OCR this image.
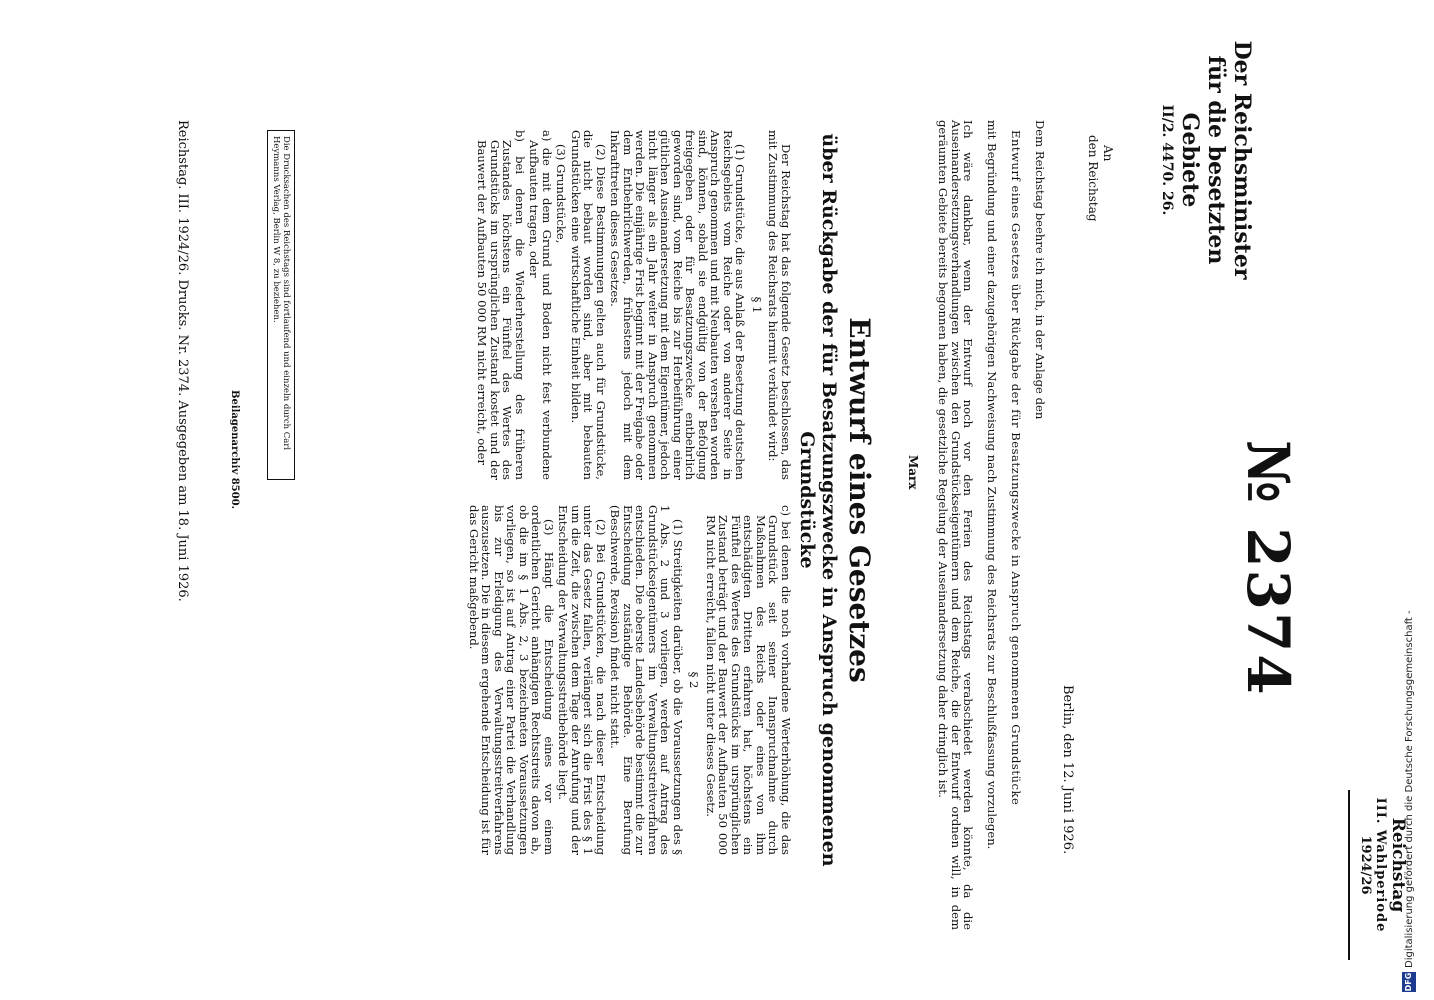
Der Reichsminister für die besetzten Gebiete
II/2. 4470. 26.
№ 2374
Reichstag
III. Wahlperiode
1924/26
An
den Reichstag
Berlin, den 12. Juni 1926.

Dem Reichstag beehre ich mich, in der Anlage den

Entwurf eines Gesetzes über Rückgabe der für Besatzungszwecke in Anspruch genommenen Grundstücke

mit Begründung und einer dazugehörigen Nachweisung nach Zustimmung des Reichsrats zur Beschlußfassung vorzulegen.

Ich wäre dankbar, wenn der Entwurf noch vor den Ferien des Reichstags verabschiedet werden könnte, da die Auseinandersetzungsverhandlungen zwischen den Grundstückseigentümern und dem Reiche, die der Entwurf ordnen will, in dem geräumten Gebiete bereits begonnen haben, die gesetzliche Regelung der Auseinandersetzung daher dringlich ist.

Marx
Entwurf eines Gesetzes
über Rückgabe der für Besatzungszwecke in Anspruch genommenen
Grundstücke

Der Reichstag hat das folgende Gesetz beschlossen, das mit Zustimmung des Reichsrats hiermit verkündet wird:

§ 1

(1) Grundstücke, die aus Anlaß der Besetzung deutschen Reichsgebiets vom Reiche oder von anderer Seite in Anspruch genommen und mit Neubauten versehen worden sind, können, sobald sie endgültig von der Befolgung freigegeben oder für Besatzungszwecke entbehrlich geworden sind, vom Reiche bis zur Herbeiführung einer gütlichen Auseinandersetzung mit dem Eigentümer, jedoch nicht länger als ein Jahr weiter in Anspruch genommen werden. Die einjährige Frist beginnt mit der Freigabe oder dem Entbehrlichwerden, frühestens jedoch mit dem Inkrafttreten dieses Gesetzes.

(2) Diese Bestimmungen gelten auch für Grundstücke, die nicht bebaut worden sind, aber mit bebauten Grundstücken eine wirtschaftliche Einheit bilden.

(3) Grundstücke,

a) die mit dem Grund und Boden nicht fest verbundene Aufbauten tragen, oder

b) bei denen die Wiederherstellung des früheren Zustandes höchstens ein Fünftel des Wertes des Grundstücks im ursprünglichen Zustand kostet und der Bauwert der Aufbauten 50 000 RM nicht erreicht, oder

c) bei denen die noch vorhandene Werterhöhung, die das Grundstück seit seiner Inanspruchnahme durch Maßnahmen des Reichs oder eines von ihm entschädigten Dritten erfahren hat, höchstens ein Fünftel des Wertes des Grundstücks im ursprünglichen Zustand beträgt und der Bauwert der Aufbauten 50 000 RM nicht erreicht, fallen nicht unter dieses Gesetz.

§ 2

(1) Streitigkeiten darüber, ob die Voraussetzungen des § 1 Abs. 2 und 3 vorliegen, werden auf Antrag des Grundstückseigentümers im Verwaltungsstreitverfahren entschieden. Die oberste Landesbehörde bestimmt die zur Entscheidung zuständige Behörde. Eine Berufung (Beschwerde, Revision) findet nicht statt.

(2) Bei Grundstücken, die nach dieser Entscheidung unter das Gesetz fallen, verlängert sich die Frist des § 1 um die Zeit, die zwischen dem Tage der Anrufung und der Entscheidung der Verwaltungsstreitbehörde liegt.

(3) Hängt die Entscheidung eines vor einem ordentlichen Gericht anhängigen Rechtsstreits davon ab, ob die im § 1 Abs. 2, 3 bezeichneten Voraussetzungen vorliegen, so ist auf Antrag einer Partei die Verhandlung bis zur Erledigung des Verwaltungsstreitverfahrens auszusetzen. Die in diesem ergehende Entscheidung ist für das Gericht maßgebend.

Die Drucksachen des Reichstags sind fortlaufend und einzeln durch Carl Heymanns Verlag, Berlin W 8, zu beziehen.
Reichstag. III. 1924/26. Drucks. Nr. 2374. Ausgegeben am 18. Juni 1926.	Beilagenarchiv 8500.
DFGDigitalisierung gefördert durch die Deutsche Forschungsgemeinschaft -
